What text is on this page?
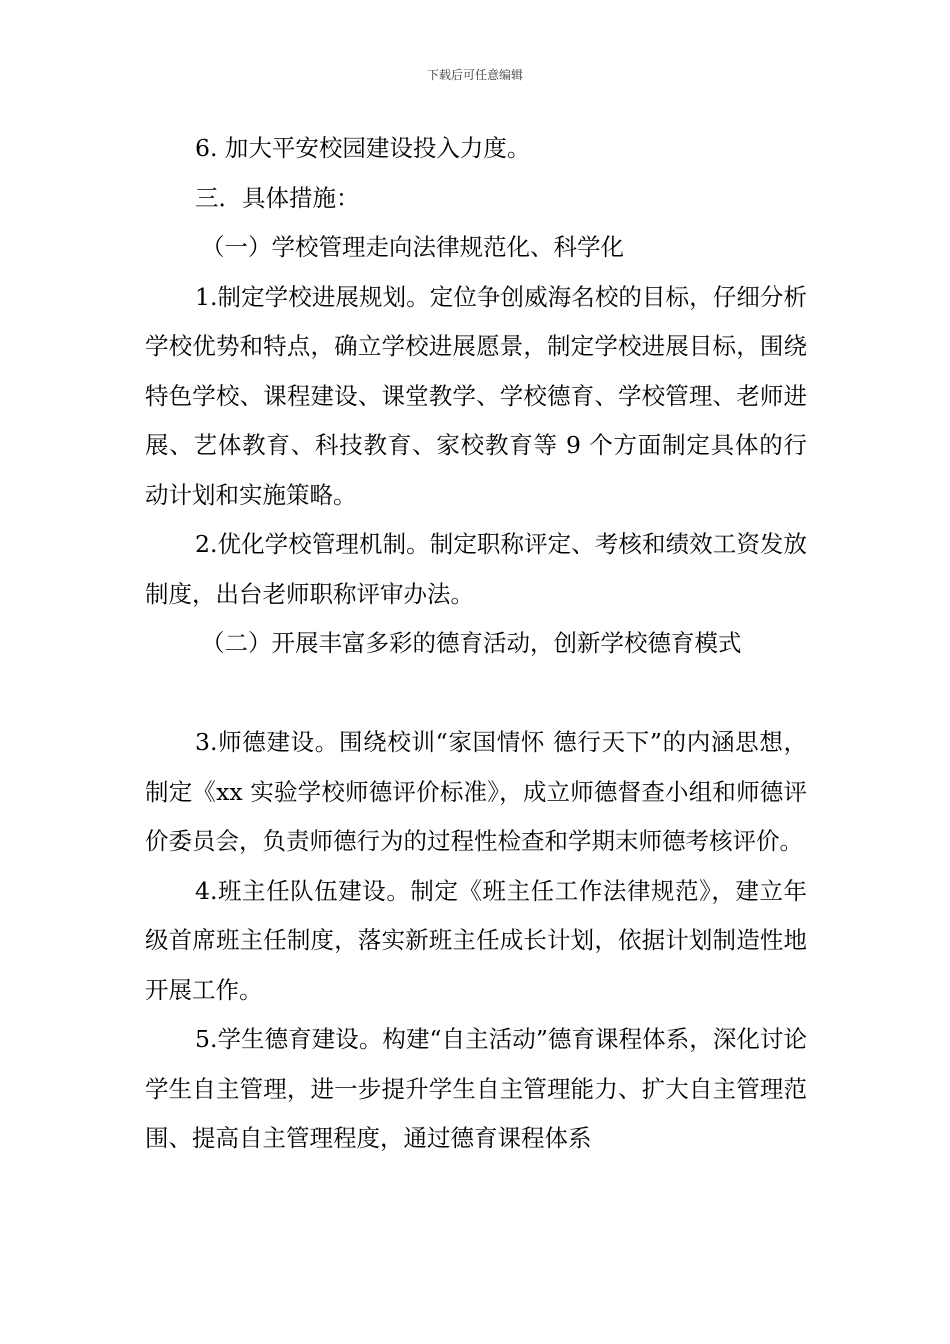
下载后可任意编辑

6. 加大平安校园建设投入力度。

三．具体措施：

（一）学校管理走向法律规范化、科学化

1.制定学校进展规划。定位争创威海名校的目标，仔细分析学校优势和特点，确立学校进展愿景，制定学校进展目标，围绕特色学校、课程建设、课堂教学、学校德育、学校管理、老师进展、艺体教育、科技教育、家校教育等 9 个方面制定具体的行动计划和实施策略。

2.优化学校管理机制。制定职称评定、考核和绩效工资发放制度，出台老师职称评审办法。

（二）开展丰富多彩的德育活动，创新学校德育模式

3.师德建设。围绕校训“家国情怀 德行天下”的内涵思想，制定《xx 实验学校师德评价标准》，成立师德督查小组和师德评价委员会，负责师德行为的过程性检查和学期末师德考核评价。

4.班主任队伍建设。制定《班主任工作法律规范》，建立年级首席班主任制度，落实新班主任成长计划，依据计划制造性地开展工作。

5.学生德育建设。构建“自主活动”德育课程体系，深化讨论学生自主管理，进一步提升学生自主管理能力、扩大自主管理范围、提高自主管理程度，通过德育课程体系
